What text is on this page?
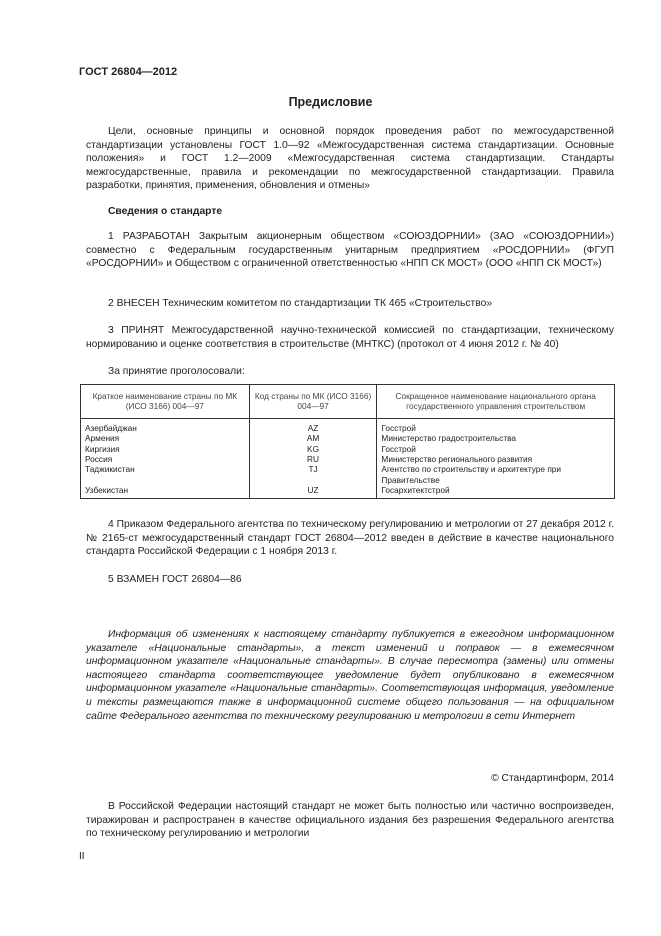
ГОСТ 26804—2012
Предисловие

Цели, основные принципы и основной порядок проведения работ по межгосударственной стандартизации установлены ГОСТ 1.0—92 «Межгосударственная система стандартизации. Основные положения» и ГОСТ 1.2—2009 «Межгосударственная система стандартизации. Стандарты межгосударственные, правила и рекомендации по межгосударственной стандартизации. Правила разработки, принятия, применения, обновления и отмены»

Сведения о стандарте

1 РАЗРАБОТАН Закрытым акционерным обществом «СОЮЗДОРНИИ» (ЗАО «СОЮЗДОРНИИ») совместно с Федеральным государственным унитарным предприятием «РОСДОРНИИ» (ФГУП «РОСДОРНИИ» и Обществом с ограниченной ответственностью «НПП СК МОСТ» (ООО «НПП СК МОСТ»)

2 ВНЕСЕН Техническим комитетом по стандартизации ТК 465 «Строительство»

3 ПРИНЯТ Межгосударственной научно-технической комиссией по стандартизации, техническому нормированию и оценке соответствия в строительстве (МНТКС) (протокол от 4 июня 2012 г. № 40)

За принятие проголосовали:
Краткое наименование страны по МК (ИСО 3166) 004—97	Код страны по МК (ИСО 3166) 004—97	Сокращенное наименование национального органа государственного управления строительством
Азербайджан	AZ	Госстрой
Армения	AM	Министерство градостроительства
Киргизия	KG	Госстрой
Россия	RU	Министерство регионального развития
Таджикистан	TJ	Агентство по строительству и архитектуре при Правительстве
Узбекистан	UZ	Госархитектстрой

4 Приказом Федерального агентства по техническому регулированию и метрологии от 27 декабря 2012 г. № 2165-ст межгосударственный стандарт ГОСТ 26804—2012 введен в действие в качестве национального стандарта Российской Федерации с 1 ноября 2013 г.

5 ВЗАМЕН ГОСТ 26804—86

Информация об изменениях к настоящему стандарту публикуется в ежегодном информационном указателе «Национальные стандарты», а текст изменений и поправок — в ежемесячном информационном указателе «Национальные стандарты». В случае пересмотра (замены) или отмены настоящего стандарта соответствующее уведомление будет опубликовано в ежемесячном информационном указателе «Национальные стандарты». Соответствующая информация, уведомление и тексты размещаются также в информационной системе общего пользования — на официальном сайте Федерального агентства по техническому регулированию и метрологии в сети Интернет

© Стандартинформ, 2014

В Российской Федерации настоящий стандарт не может быть полностью или частично воспроизведен, тиражирован и распространен в качестве официального издания без разрешения Федерального агентства по техническому регулированию и метрологии

II
